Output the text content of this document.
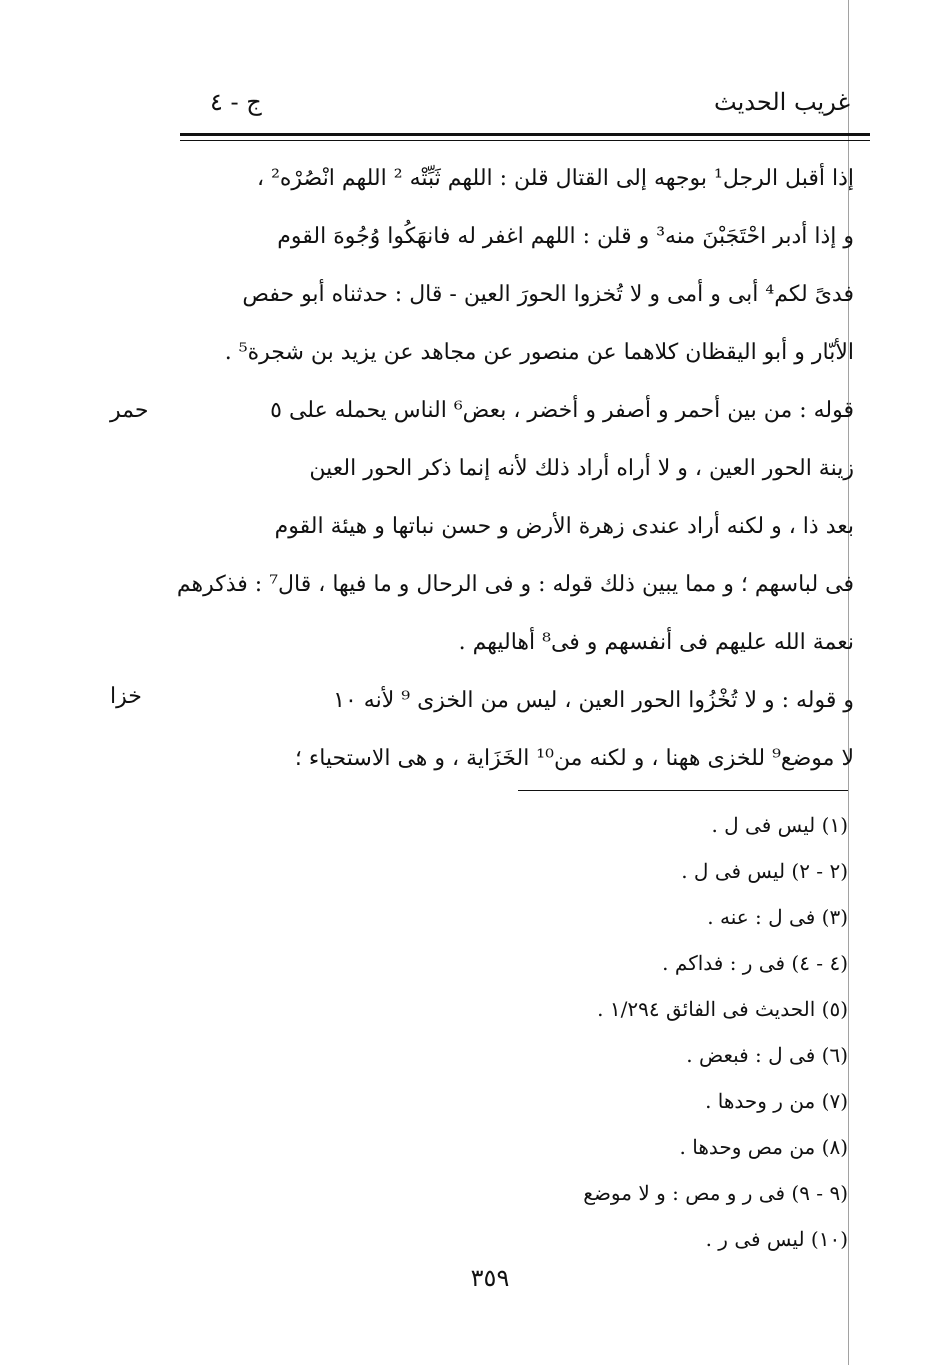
غريب الحديث
ج - ٤
إذا أقبل الرجل¹ بوجهه إلى القتال قلن : اللهم ثَبِّتْه ² اللهم انْصُرْه² ،
و إذا أدبر احْتَجَبْنَ منه³ و قلن : اللهم اغفر له فانهَكُوا وُجُوهَ القوم
فدىً لكم⁴ أبى و أمى و لا تُخزوا الحورَ العين - قال : حدثناه أبو حفص
الأبّار و أبو اليقظان كلاهما عن منصور عن مجاهد عن يزيد بن شجرة⁵ .
قوله : من بين أحمر و أصفر و أخضر ، بعض⁶ الناس يحمله على ٥
زينة الحور العين ، و لا أراه أراد ذلك لأنه إنما ذكر الحور العين
بعد ذا ، و لكنه أراد عندى زهرة الأرض و حسن نباتها و هيئة القوم
فى لباسهم ؛ و مما يبين ذلك قوله : و فى الرحال و ما فيها ، قال⁷ : فذكرهم
نعمة الله عليهم فى أنفسهم و فى⁸ أهاليهم .
حمر
و قوله : و لا تُخْزُوا الحور العين ، ليس من الخزى ⁹ لأنه ١٠
لا موضع⁹ للخزى ههنا ، و لكنه من¹⁰ الخَزَاية ، و هى الاستحياء ؛
خزا
(١) ليس فى ل .
(٢ - ٢) ليس فى ل .
(٣) فى ل : عنه .
(٤ - ٤) فى ر : فداكم .
(٥) الحديث فى الفائق ١/٢٩٤ .
(٦) فى ل : فبعض .
(٧) من ر وحدها .
(٨) من مص وحدها .
(٩ - ٩) فى ر و مص : و لا موضع
(١٠) ليس فى ر .
٣٥٩
